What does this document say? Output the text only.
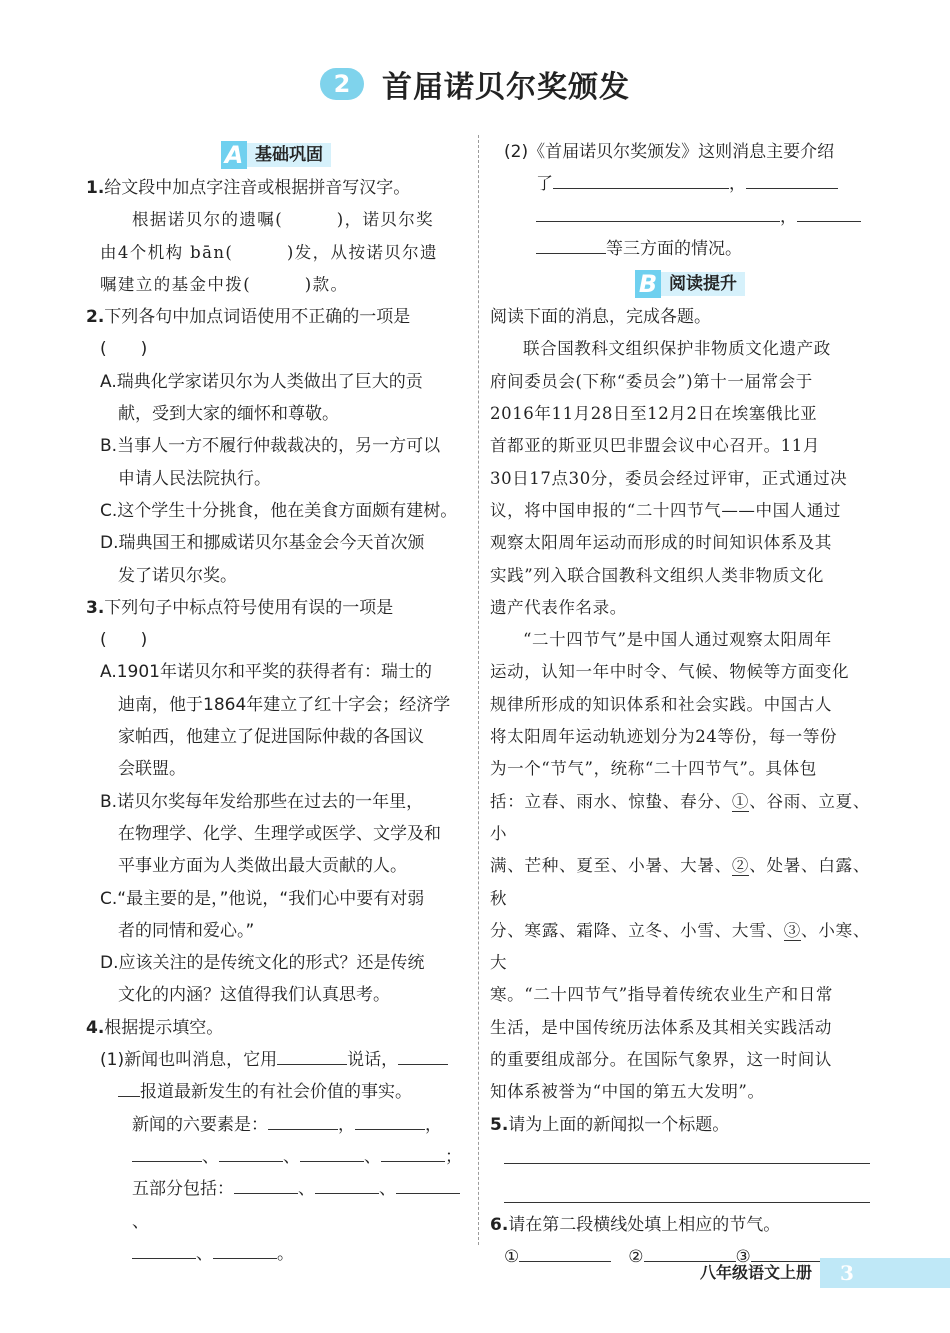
2 首届诺贝尔奖颁发
A 基础巩固

1.给文段中加点字注音或根据拼音写汉字。

根据诺贝尔的遗嘱(　　　)，诺贝尔奖

由4个机构 bān(　　　)发，从按诺贝尔遗

嘱建立的基金中拨(　　　)款。

2.下列各句中加点词语使用不正确的一项是

(　　)

A.瑞典化学家诺贝尔为人类做出了巨大的贡

献，受到大家的缅怀和尊敬。

B.当事人一方不履行仲裁裁决的，另一方可以

申请人民法院执行。

C.这个学生十分挑食，他在美食方面颇有建树。

D.瑞典国王和挪威诺贝尔基金会今天首次颁

发了诺贝尔奖。

3.下列句子中标点符号使用有误的一项是

(　　)

A.1901年诺贝尔和平奖的获得者有：瑞士的

迪南，他于1864年建立了红十字会；经济学

家帕西，他建立了促进国际仲裁的各国议

会联盟。

B.诺贝尔奖每年发给那些在过去的一年里，

在物理学、化学、生理学或医学、文学及和

平事业方面为人类做出最大贡献的人。

C.“最主要的是，”他说，“我们心中要有对弱

者的同情和爱心。”

D.应该关注的是传统文化的形式？还是传统

文化的内涵？这值得我们认真思考。

4.根据提示填空。

(1)新闻也叫消息，它用	说话，

报道最新发生的有社会价值的事实。

新闻的六要素是：	，	，

、	、	、	；

五部分包括：	、	、、

、	。

(2)《首届诺贝尔奖颁发》这则消息主要介绍

了	，

，

等三方面的情况。

B 阅读提升

阅读下面的消息，完成各题。

联合国教科文组织保护非物质文化遗产政

府间委员会(下称“委员会”)第十一届常会于

2016年11月28日至12月2日在埃塞俄比亚

首都亚的斯亚贝巴非盟会议中心召开。11月

30日17点30分，委员会经过评审，正式通过决

议，将中国申报的“二十四节气——中国人通过

观察太阳周年运动而形成的时间知识体系及其

实践”列入联合国教科文组织人类非物质文化

遗产代表作名录。

“二十四节气”是中国人通过观察太阳周年

运动，认知一年中时令、气候、物候等方面变化

规律所形成的知识体系和社会实践。中国古人

将太阳周年运动轨迹划分为24等份，每一等份

为一个“节气”，统称“二十四节气”。具体包

括：立春、雨水、惊蛰、春分、①、谷雨、立夏、小

满、芒种、夏至、小暑、大暑、②、处暑、白露、秋

分、寒露、霜降、立冬、小雪、大雪、③、小寒、大

寒。“二十四节气”指导着传统农业生产和日常

生活，是中国传统历法体系及其相关实践活动

的重要组成部分。在国际气象界，这一时间认

知体系被誉为“中国的第五大发明”。

5.请为上面的新闻拟一个标题。

6.请在第二段横线处填上相应的节气。

①　	②	③

八年级语文上册	3
